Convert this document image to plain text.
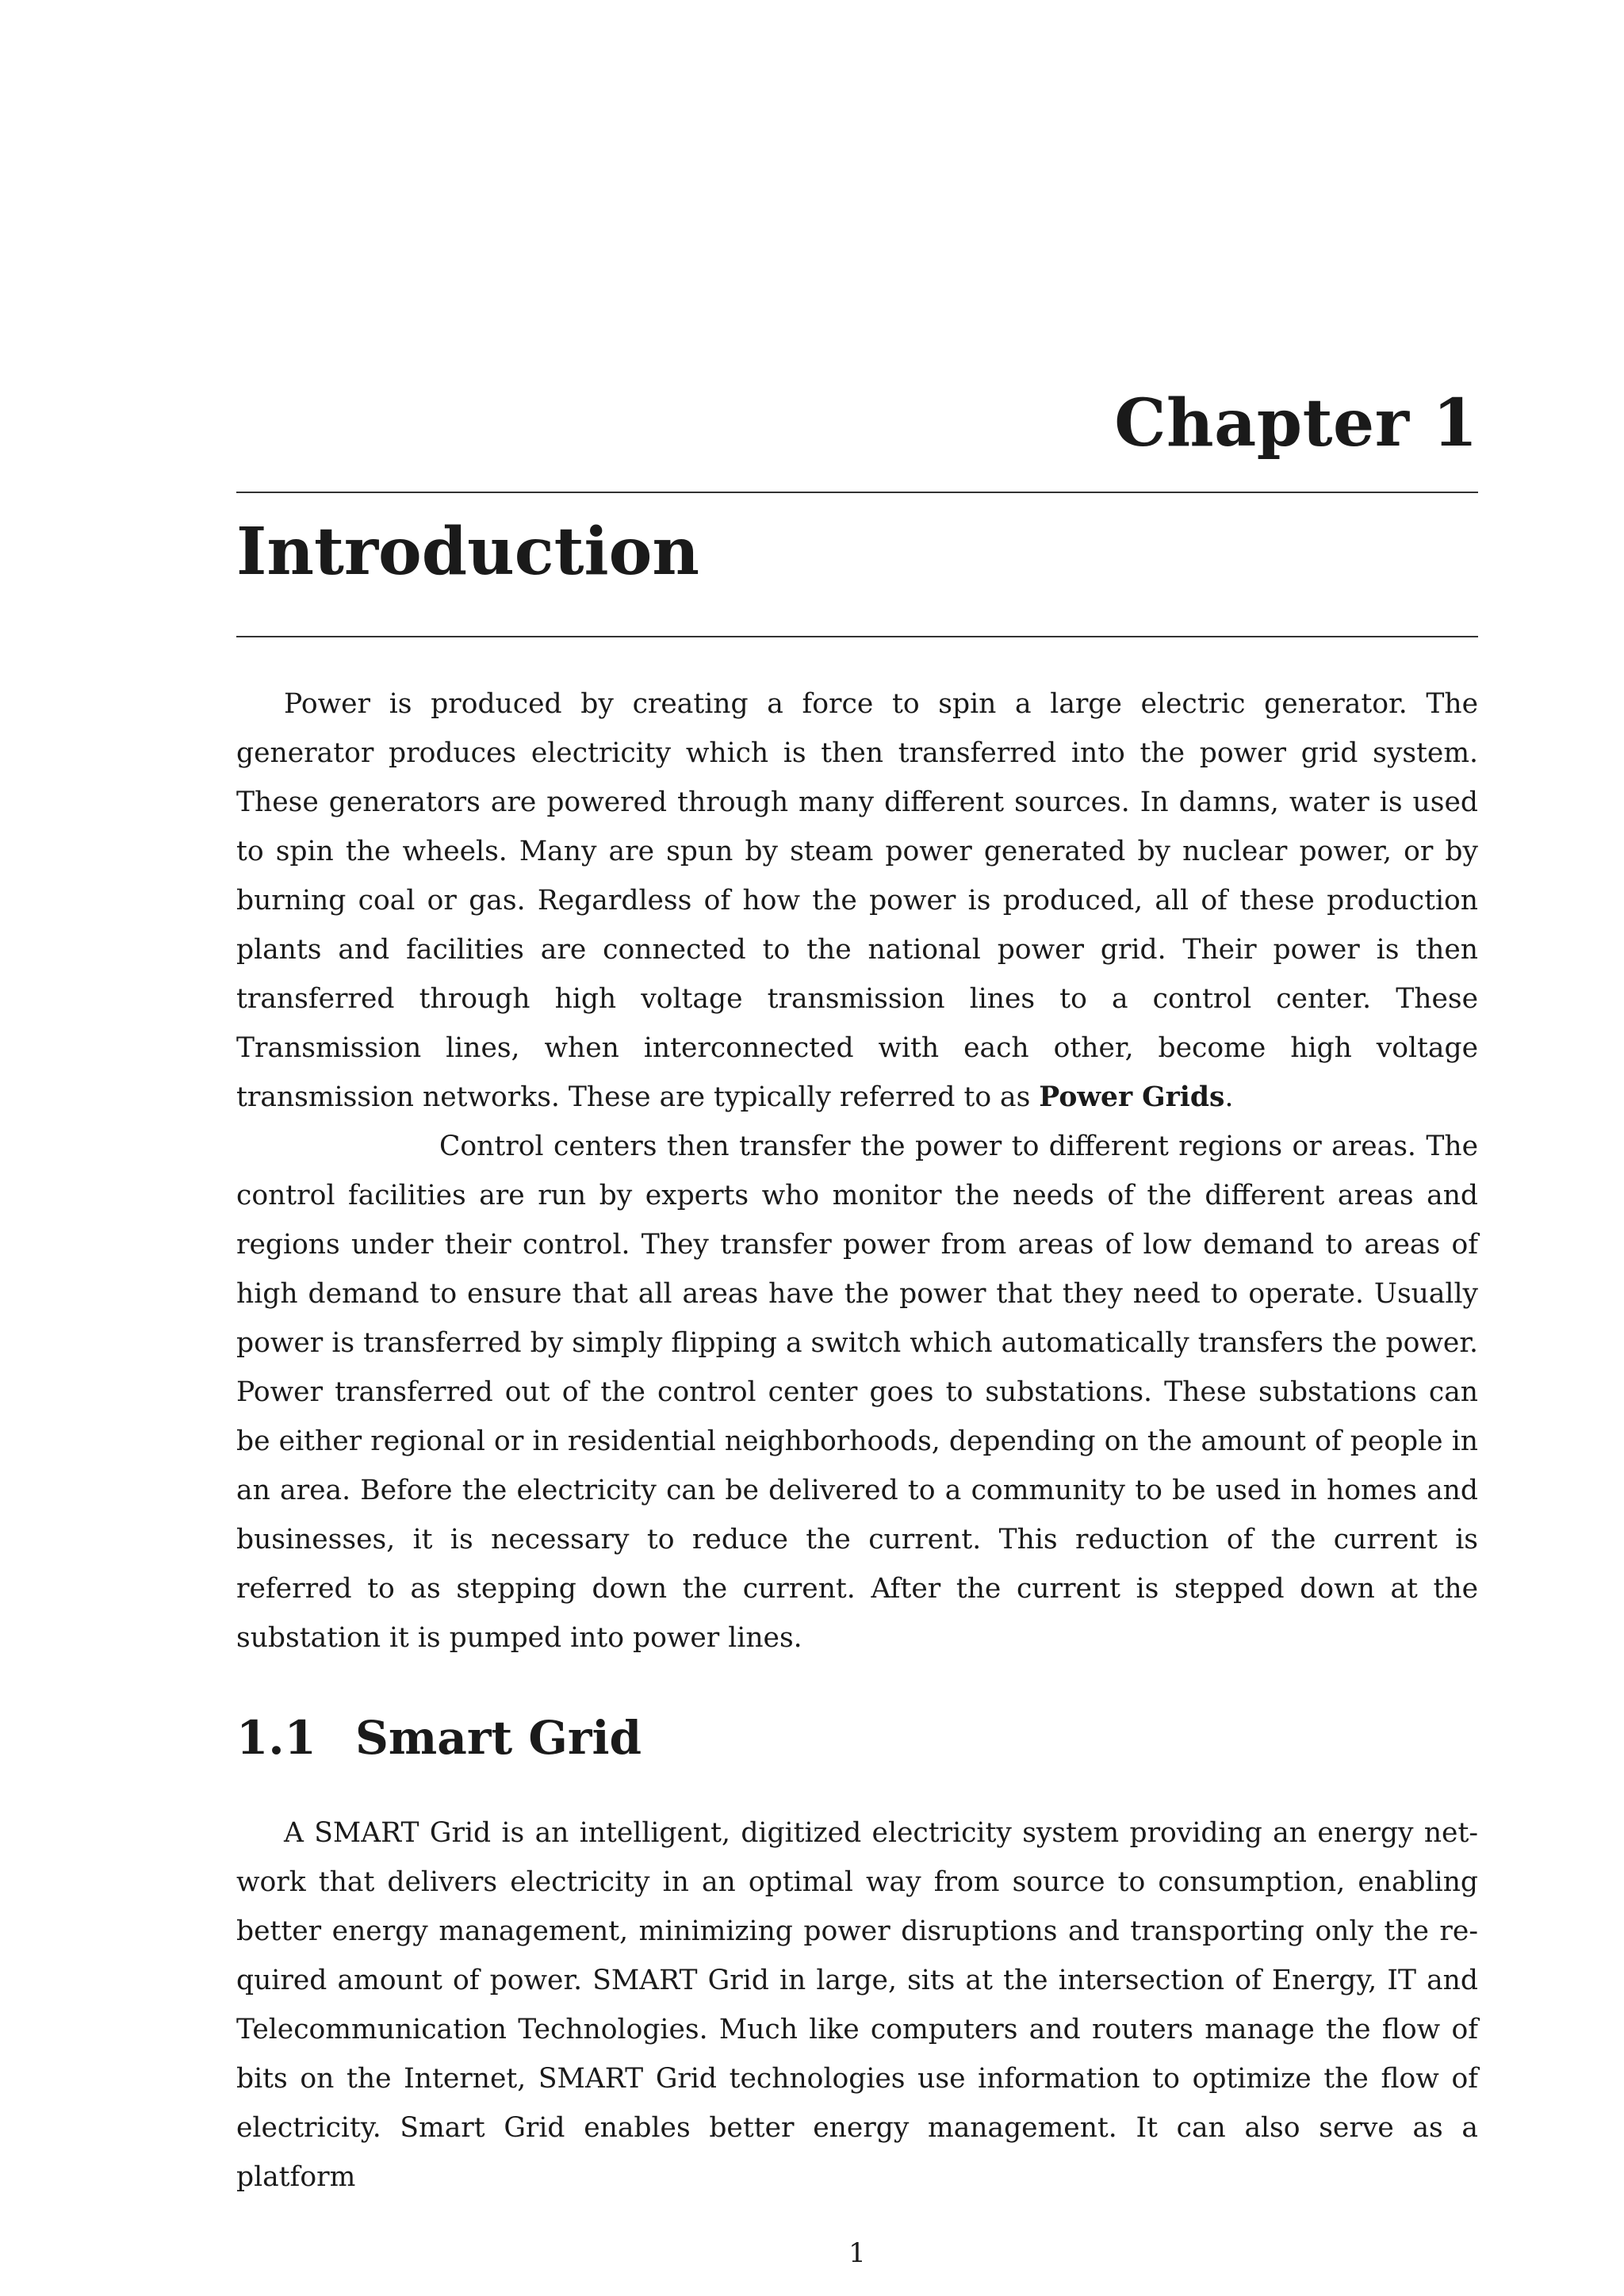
Chapter 1
Introduction

Power is produced by creating a force to spin a large electric generator. The generator produces electricity which is then transferred into the power grid system. These generators are powered through many different sources. In damns, water is used to spin the wheels. Many are spun by steam power generated by nuclear power, or by burning coal or gas. Regardless of how the power is produced, all of these production plants and facilities are connected to the national power grid. Their power is then transferred through high voltage transmission lines to a control center. These Transmission lines, when interconnected with each other, become high voltage transmission networks. These are typically referred to as Power Grids.

Control centers then transfer the power to different regions or areas. The control facilities are run by experts who monitor the needs of the different areas and regions under their control. They transfer power from areas of low demand to areas of high demand to ensure that all areas have the power that they need to operate. Usually power is transferred by simply flipping a switch which automatically transfers the power. Power transferred out of the control center goes to substations. These substations can be either regional or in residential neighborhoods, depending on the amount of people in an area. Before the electricity can be delivered to a community to be used in homes and businesses, it is necessary to reduce the current. This reduction of the current is referred to as stepping down the current. After the current is stepped down at the substation it is pumped into power lines.

1.1 Smart Grid

A SMART Grid is an intelligent, digitized electricity system providing an energy network that delivers electricity in an optimal way from source to consumption, enabling better energy management, minimizing power disruptions and transporting only the required amount of power. SMART Grid in large, sits at the intersection of Energy, IT and Telecommunication Technologies. Much like computers and routers manage the flow of bits on the Internet, SMART Grid technologies use information to optimize the flow of electricity. Smart Grid enables better energy management. It can also serve as a platform

1
